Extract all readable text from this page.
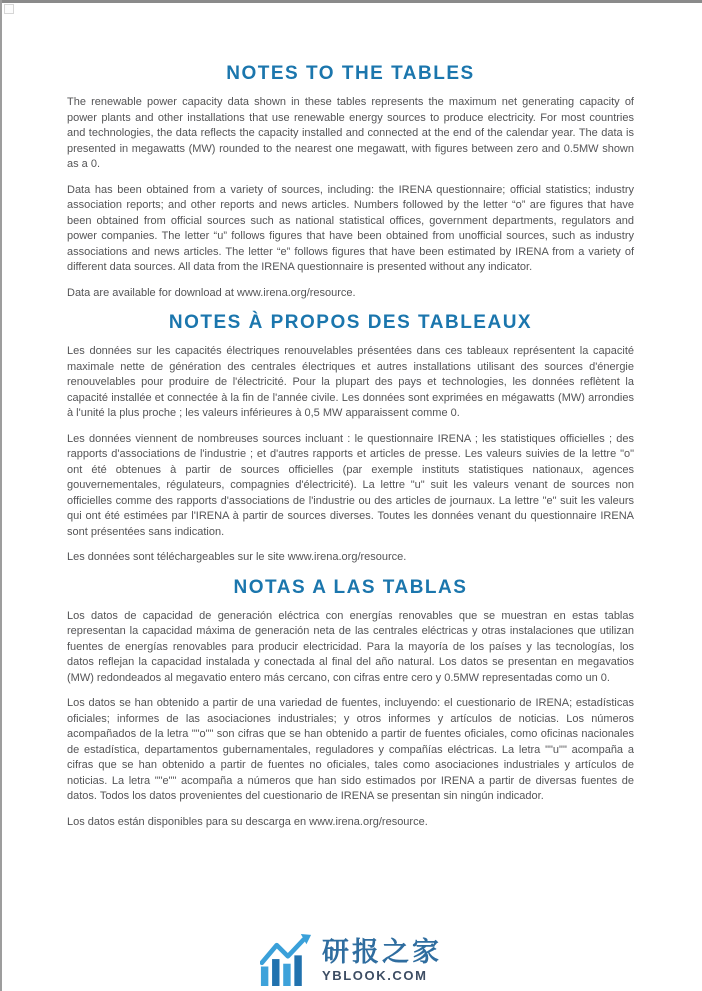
NOTES TO THE TABLES

The renewable power capacity data shown in these tables represents the maximum net generating capacity of power plants and other installations that use renewable energy sources to produce electricity. For most countries and technologies, the data reflects the capacity installed and connected at the end of the calendar year. The data is presented in megawatts (MW) rounded to the nearest one megawatt, with figures between zero and 0.5MW shown as a 0.

Data has been obtained from a variety of sources, including: the IRENA questionnaire; official statistics; industry association reports; and other reports and news articles. Numbers followed by the letter “o” are figures that have been obtained from official sources such as national statistical offices, government departments, regulators and power companies. The letter “u” follows figures that have been obtained from unofficial sources, such as industry associations and news articles. The letter “e” follows figures that have been estimated by IRENA from a variety of different data sources. All data from the IRENA questionnaire is presented without any indicator.

Data are available for download at www.irena.org/resource.

NOTES À PROPOS DES TABLEAUX

Les données sur les capacités électriques renouvelables présentées dans ces tableaux représentent la capacité maximale nette de génération des centrales électriques et autres installations utilisant des sources d'énergie renouvelables pour produire de l'électricité. Pour la plupart des pays et technologies, les données reflètent la capacité installée et connectée à la fin de l'année civile. Les données sont exprimées en mégawatts (MW) arrondies à l'unité la plus proche ; les valeurs inférieures à 0,5 MW apparaissent comme 0.

Les données viennent de nombreuses sources incluant : le questionnaire IRENA ; les statistiques officielles ; des rapports d'associations de l'industrie ; et d'autres rapports et articles de presse. Les valeurs suivies de la lettre "o" ont été obtenues à partir de sources officielles (par exemple instituts statistiques nationaux, agences gouvernementales, régulateurs, compagnies d'électricité). La lettre "u" suit les valeurs venant de sources non officielles comme des rapports d'associations de l'industrie ou des articles de journaux. La lettre "e" suit les valeurs qui ont été estimées par l'IRENA à partir de sources diverses. Toutes les données venant du questionnaire IRENA sont présentées sans indication.

Les données sont téléchargeables sur le site www.irena.org/resource.

NOTAS A LAS TABLAS

Los datos de capacidad de generación eléctrica con energías renovables que se muestran en estas tablas representan la capacidad máxima de generación neta de las centrales eléctricas y otras instalaciones que utilizan fuentes de energías renovables para producir electricidad. Para la mayoría de los países y las tecnologías, los datos reflejan la capacidad instalada y conectada al final del año natural. Los datos se presentan en megavatios (MW) redondeados al megavatio entero más cercano, con cifras entre cero y 0.5MW representadas como un 0.

Los datos se han obtenido a partir de una variedad de fuentes, incluyendo: el cuestionario de IRENA; estadísticas oficiales; informes de las asociaciones industriales; y otros informes y artículos de noticias. Los números acompañados de la letra ""o"" son cifras que se han obtenido a partir de fuentes oficiales, como oficinas nacionales de estadística, departamentos gubernamentales, reguladores y compañías eléctricas. La letra ""u"" acompaña a cifras que se han obtenido a partir de fuentes no oficiales, tales como asociaciones industriales y artículos de noticias. La letra ""e"" acompaña a números que han sido estimados por IRENA a partir de diversas fuentes de datos. Todos los datos provenientes del cuestionario de IRENA se presentan sin ningún indicador.

Los datos están disponibles para su descarga en www.irena.org/resource.

研报之家
YBLOOK.COM
